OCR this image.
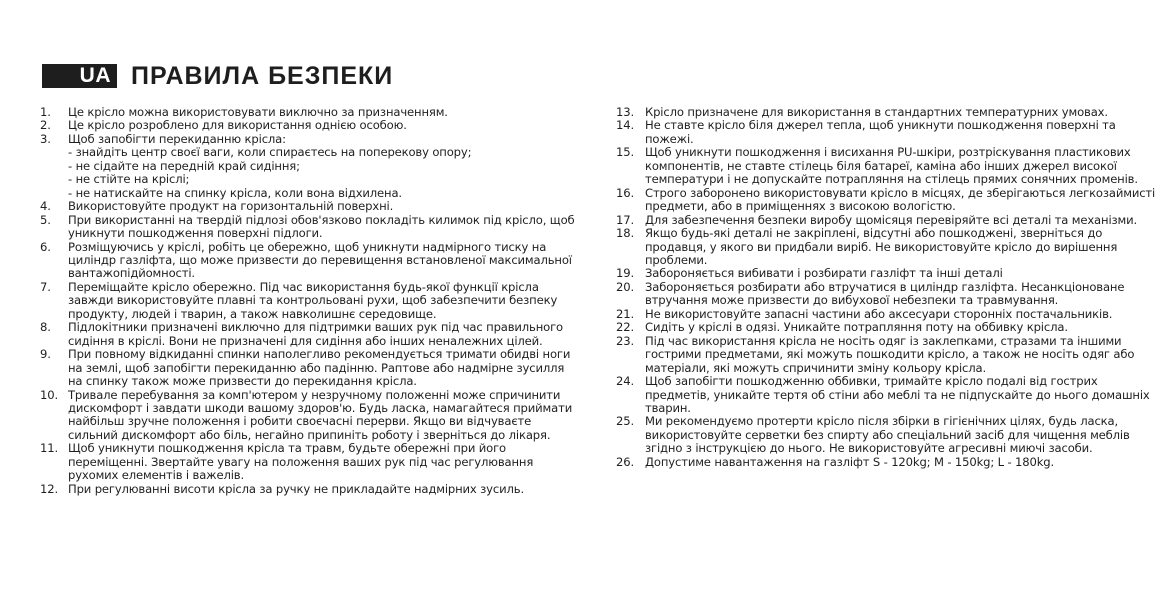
UA ПРАВИЛА БЕЗПЕКИ
1.	Це крісло можна використовувати виключно за призначенням.
2.	Це крісло розроблено для використання однією особою.
3.	Щоб запобігти перекиданню крісла:
- знайдіть центр своєї ваги, коли спираєтесь на поперекову опору;
- не сідайте на передній край сидіння;
- не стійте на кріслі;
- не натискайте на спинку крісла, коли вона відхилена.
4.	Використовуйте продукт на горизонтальній поверхні.
5.	При використанні на твердій підлозі обов'язково покладіть килимок під крісло, щоб уникнути пошкодження поверхні підлоги.
6.	Розміщуючись у кріслі, робіть це обережно, щоб уникнути надмірного тиску на циліндр газліфта, що може призвести до перевищення встановленої максимальної вантажопідйомності.
7.	Переміщайте крісло обережно. Під час використання будь-якої функції крісла завжди використовуйте плавні та контрольовані рухи, щоб забезпечити безпеку продукту, людей і тварин, а також навколишнє середовище.
8.	Підлокітники призначені виключно для підтримки ваших рук під час правильного сидіння в кріслі. Вони не призначені для сидіння або інших неналежних цілей.
9.	При повному відкиданні спинки наполегливо рекомендується тримати обидві ноги на землі, щоб запобігти перекиданню або падінню. Раптове або надмірне зусилля на спинку також може призвести до перекидання крісла.
10. Тривале перебування за комп'ютером у незручному положенні може спричинити дискомфорт і завдати шкоди вашому здоров'ю. Будь ласка, намагайтеся приймати найбільш зручне положення і робити своєчасні перерви. Якщо ви відчуваєте сильний дискомфорт або біль, негайно припиніть роботу і зверніться до лікаря.
11. Щоб уникнути пошкодження крісла та травм, будьте обережні при його переміщенні. Звертайте увагу на положення ваших рук під час регулювання рухомих елементів і важелів.
12. При регулюванні висоти крісла за ручку не прикладайте надмірних зусиль.
13. Крісло призначене для використання в стандартних температурних умовах.
14. Не ставте крісло біля джерел тепла, щоб уникнути пошкодження поверхні та пожежі.
15. Щоб уникнути пошкодження і висихання PU-шкіри, розтріскування пластикових компонентів, не ставте стілець біля батареї, каміна або інших джерел високої температури і не допускайте потрапляння на стілець прямих сонячних променів.
16. Строго заборонено використовувати крісло в місцях, де зберігаються легкозаймисті предмети, або в приміщеннях з високою вологістю.
17. Для забезпечення безпеки виробу щомісяця перевіряйте всі деталі та механізми.
18. Якщо будь-які деталі не закріплені, відсутні або пошкоджені, зверніться до продавця, у якого ви придбали виріб. Не використовуйте крісло до вирішення проблеми.
19. Забороняється вибивати і розбирати газліфт та інші деталі
20. Забороняється розбирати або втручатися в циліндр газліфта. Несанкціоноване втручання може призвести до вибухової небезпеки та травмування.
21. Не використовуйте запасні частини або аксесуари сторонніх постачальників.
22. Сидіть у кріслі в одязі. Уникайте потрапляння поту на оббивку крісла.
23. Під час використання крісла не носіть одяг із заклепками, стразами та іншими гострими предметами, які можуть пошкодити крісло, а також не носіть одяг або матеріали, які можуть спричинити зміну кольору крісла.
24. Щоб запобігти пошкодженню оббивки, тримайте крісло подалі від гострих предметів, уникайте тертя об стіни або меблі та не підпускайте до нього домашніх тварин.
25. Ми рекомендуємо протерти крісло після збірки в гігієнічних цілях, будь ласка, використовуйте серветки без спирту або спеціальний засіб для чищення меблів згідно з інструкцією до нього. Не використовуйте агресивні миючі засоби.
26. Допустиме навантаження на газліфт S - 120kg; M - 150kg; L - 180kg.
